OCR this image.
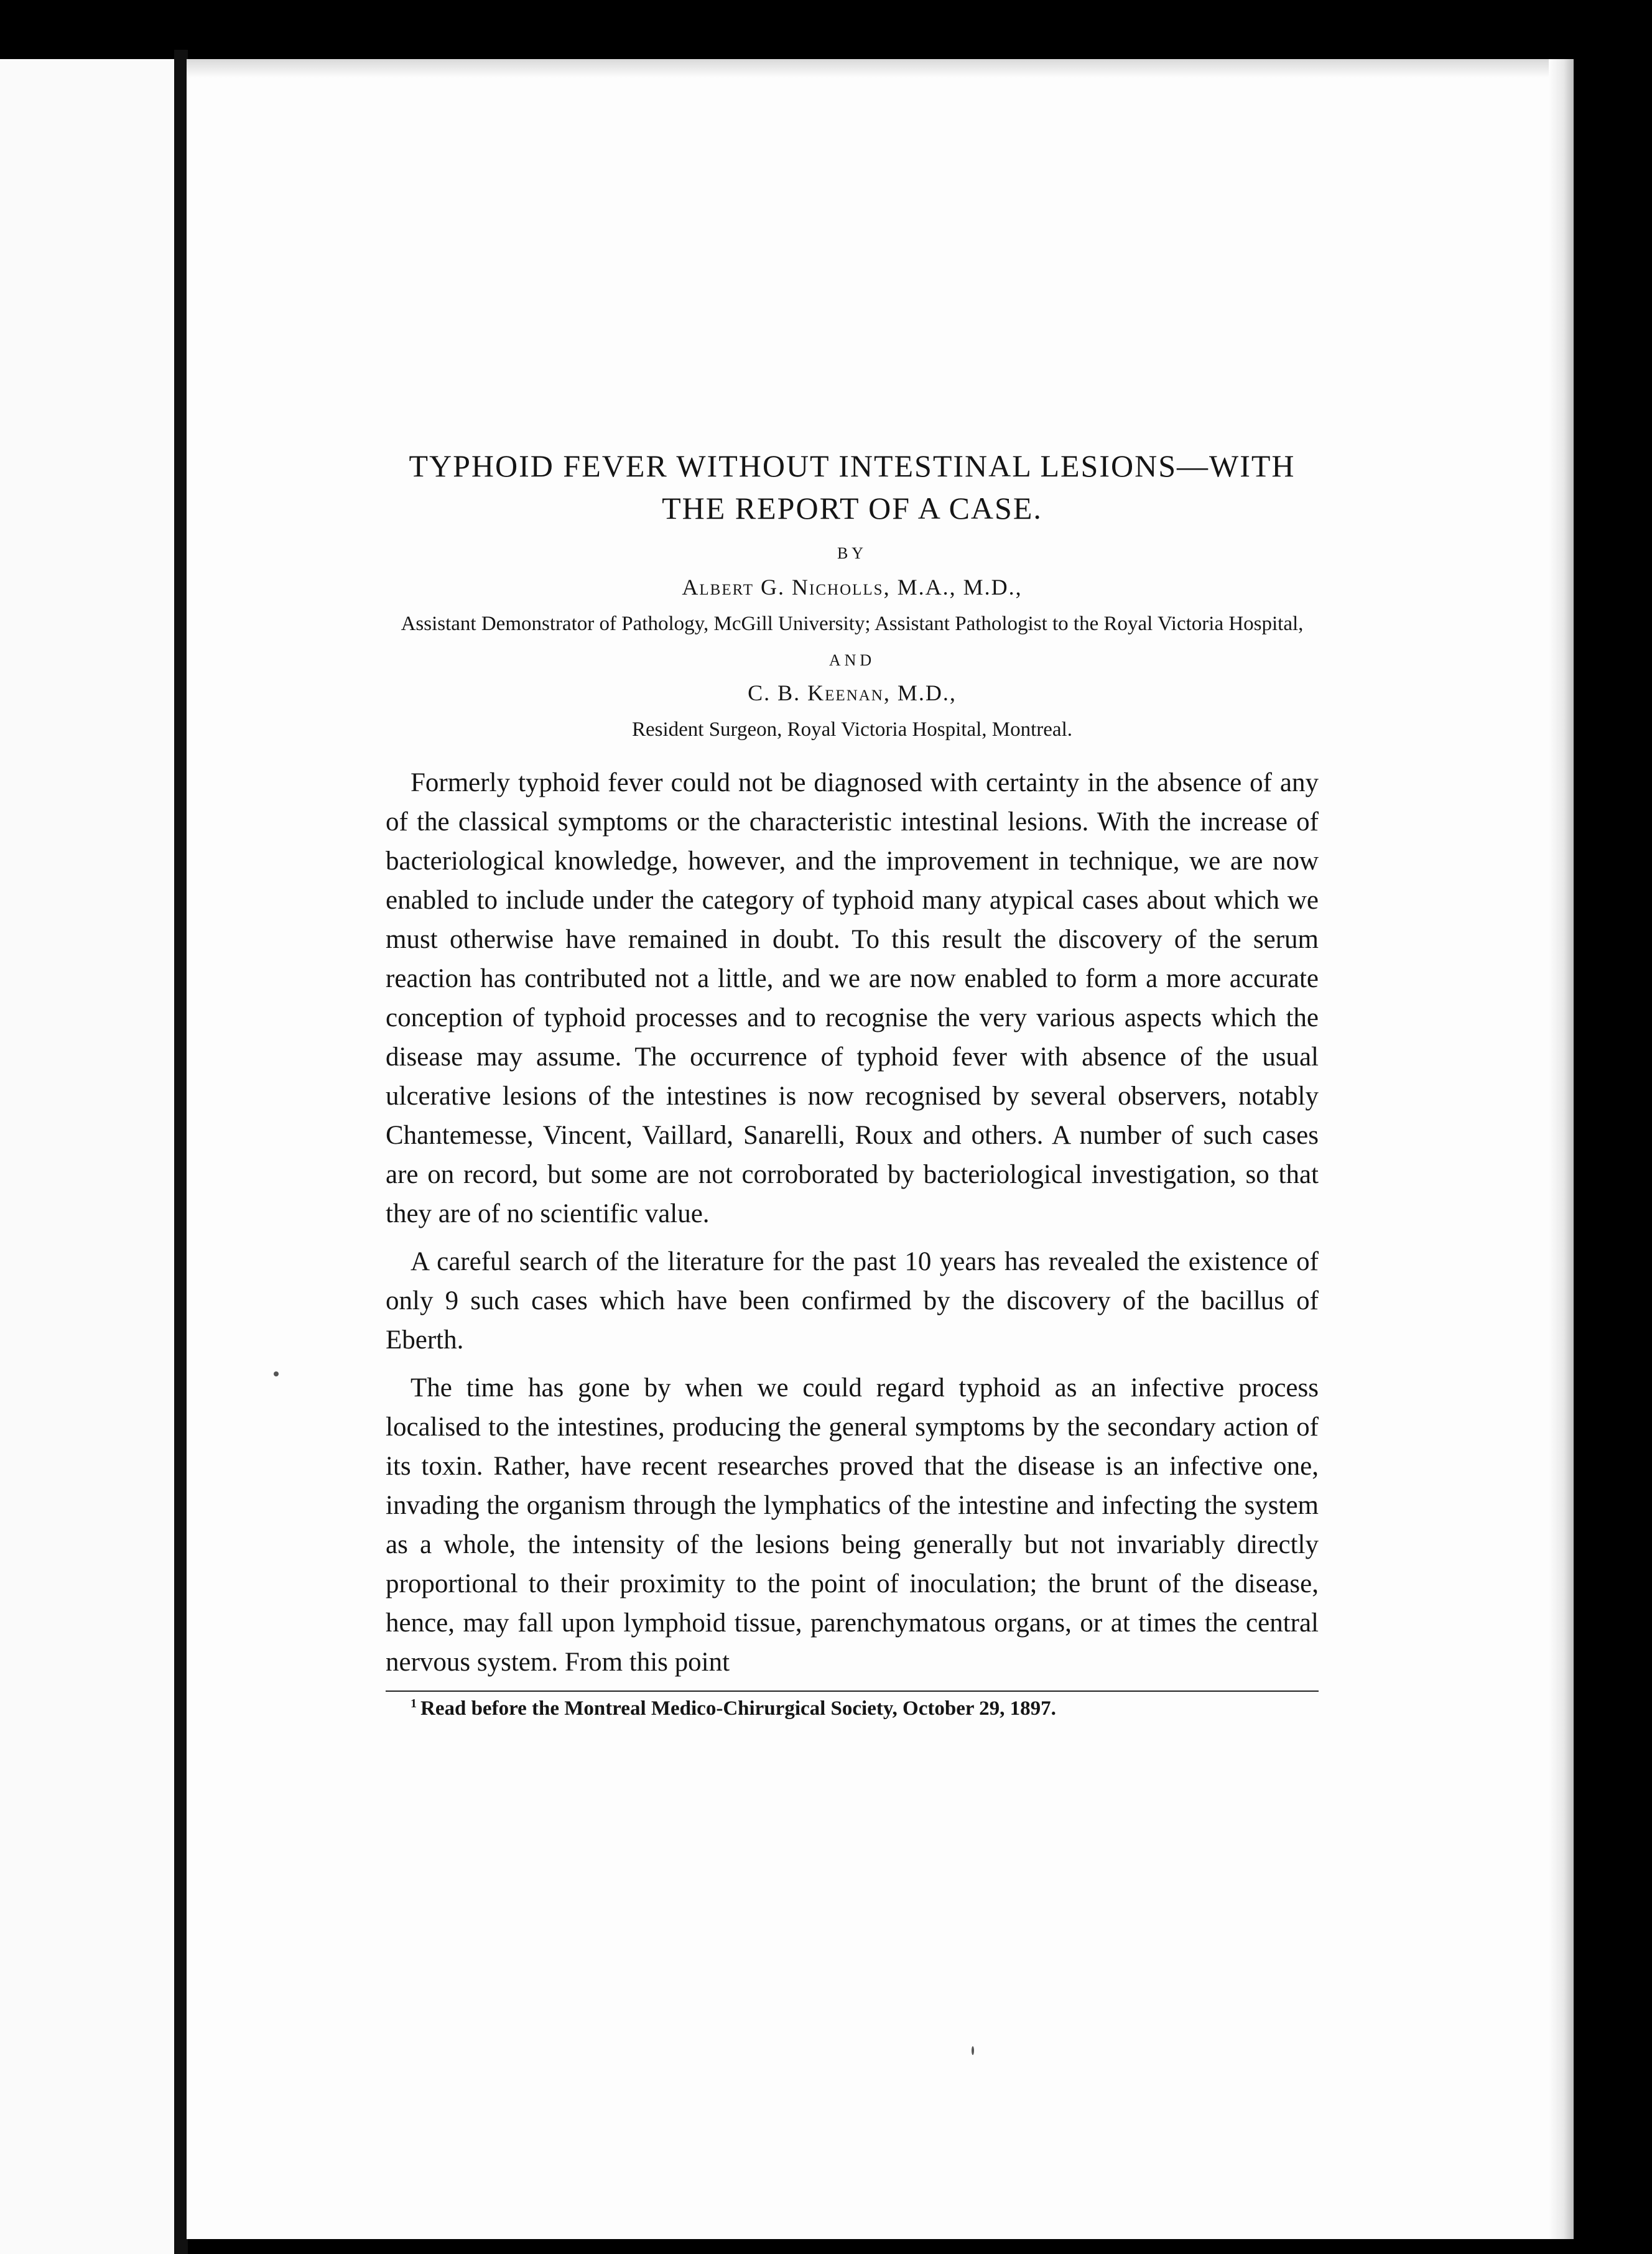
TYPHOID FEVER WITHOUT INTESTINAL LESIONS—WITH THE REPORT OF A CASE.
BY
Albert G. Nicholls, M.A., M.D.,
Assistant Demonstrator of Pathology, McGill University; Assistant Pathologist to the Royal Victoria Hospital,
AND
C. B. Keenan, M.D.,
Resident Surgeon, Royal Victoria Hospital, Montreal.

Formerly typhoid fever could not be diagnosed with certainty in the absence of any of the classical symptoms or the characteristic intestinal lesions. With the increase of bacteriological knowledge, however, and the improvement in technique, we are now enabled to include under the category of typhoid many atypical cases about which we must otherwise have remained in doubt. To this result the discovery of the serum reaction has contributed not a little, and we are now enabled to form a more accurate conception of typhoid processes and to recognise the very various aspects which the disease may assume. The occurrence of typhoid fever with absence of the usual ulcerative lesions of the intestines is now recognised by several observers, notably Chantemesse, Vincent, Vaillard, Sanarelli, Roux and others. A number of such cases are on record, but some are not corroborated by bacteriological investigation, so that they are of no scientific value.

A careful search of the literature for the past 10 years has revealed the existence of only 9 such cases which have been confirmed by the discovery of the bacillus of Eberth.

The time has gone by when we could regard typhoid as an infective process localised to the intestines, producing the general symptoms by the secondary action of its toxin. Rather, have recent researches proved that the disease is an infective one, invading the organism through the lymphatics of the intestine and infecting the system as a whole, the intensity of the lesions being generally but not invariably directly proportional to their proximity to the point of inoculation; the brunt of the disease, hence, may fall upon lymphoid tissue, parenchymatous organs, or at times the central nervous system. From this point

$^1$ Read before the Montreal Medico-Chirurgical Society, October 29, 1897.
